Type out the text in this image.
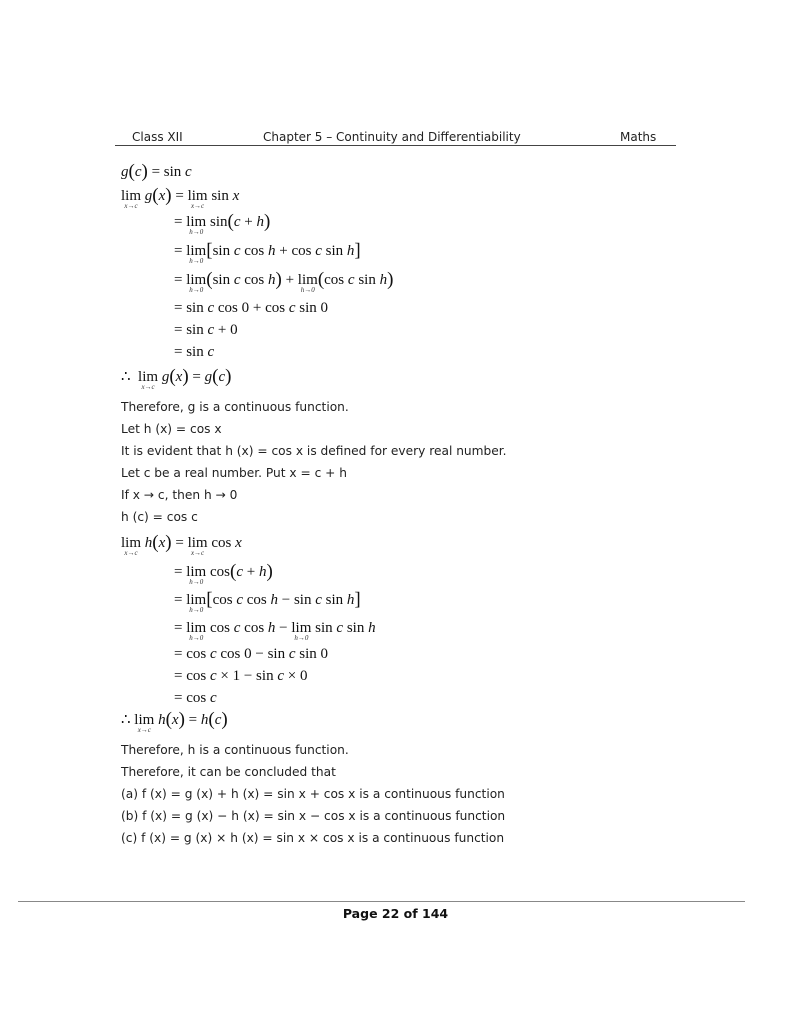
Class XII	Chapter 5 – Continuity and Differentiability	Maths
g(c) = sin c
lim
x→c
g(x) = lim
x→c
sin x
= lim
h→0
sin(c + h)
= lim
h→0 [sin c cos h + cos c sin h]
= lim
h→0 (sin c cos h) + lim
h→0 (cos c sin h)
= sin c cos 0 + cos c sin 0
= sin c + 0
= sin c
∴  lim
x→c
g(x) = g(c)
Therefore, g is a continuous function.
Let h (x) = cos x
It is evident that h (x) = cos x is defined for every real number.
Let c be a real number. Put x = c + h
If x → c, then h → 0
h (c) = cos c
lim
x→c
h(x) = lim
x→c
cos x
= lim
h→0
cos(c + h)
= lim
h→0 [cos c cos h − sin c sin h]
= lim
h→0
cos c cos h − lim
h→0
sin c sin h
= cos c cos 0 − sin c sin 0
= cos c × 1 − sin c × 0
= cos c
∴ lim
x→c
h(x) = h(c)
Therefore, h is a continuous function.
Therefore, it can be concluded that
(a) f (x) = g (x) + h (x) = sin x + cos x is a continuous function
(b) f (x) = g (x) − h (x) = sin x − cos x is a continuous function
(c) f (x) = g (x) × h (x) = sin x × cos x is a continuous function
Page 22 of 144
